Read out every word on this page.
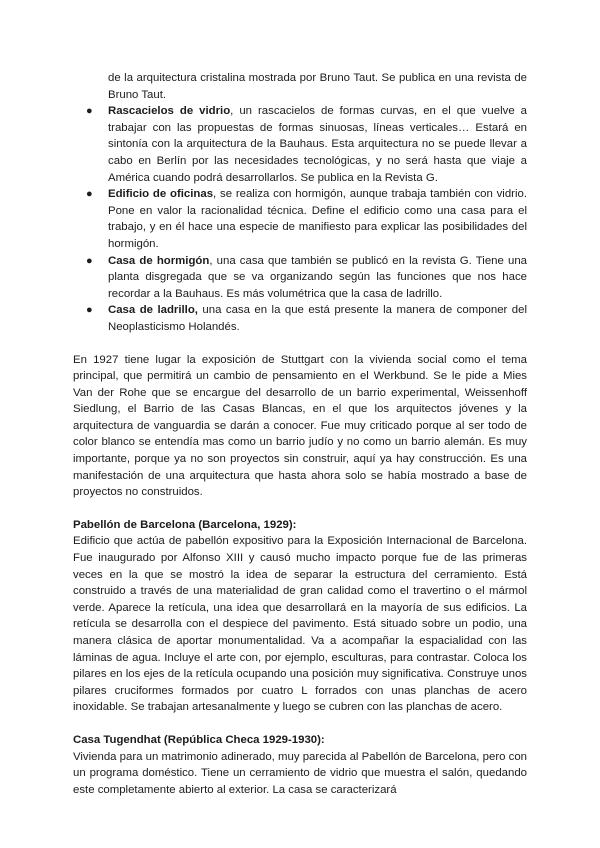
de la arquitectura cristalina mostrada por Bruno Taut. Se publica en una revista de Bruno Taut.
● Rascacielos de vidrio, un rascacielos de formas curvas, en el que vuelve a trabajar con las propuestas de formas sinuosas, líneas verticales… Estará en sintonía con la arquitectura de la Bauhaus. Esta arquitectura no se puede llevar a cabo en Berlín por las necesidades tecnológicas, y no será hasta que viaje a América cuando podrá desarrollarlos. Se publica en la Revista G.
● Edificio de oficinas, se realiza con hormigón, aunque trabaja también con vidrio. Pone en valor la racionalidad técnica. Define el edificio como una casa para el trabajo, y en él hace una especie de manifiesto para explicar las posibilidades del hormigón.
● Casa de hormigón, una casa que también se publicó en la revista G. Tiene una planta disgregada que se va organizando según las funciones que nos hace recordar a la Bauhaus. Es más volumétrica que la casa de ladrillo.
● Casa de ladrillo, una casa en la que está presente la manera de componer del Neoplasticismo Holandés.

En 1927 tiene lugar la exposición de Stuttgart con la vivienda social como el tema principal, que permitirá un cambio de pensamiento en el Werkbund. Se le pide a Mies Van der Rohe que se encargue del desarrollo de un barrio experimental, Weissenhoff Siedlung, el Barrio de las Casas Blancas, en el que los arquitectos jóvenes y la arquitectura de vanguardia se darán a conocer. Fue muy criticado porque al ser todo de color blanco se entendía mas como un barrio judío y no como un barrio alemán. Es muy importante, porque ya no son proyectos sin construir, aquí ya hay construcción. Es una manifestación de una arquitectura que hasta ahora solo se había mostrado a base de proyectos no construidos.

Pabellón de Barcelona (Barcelona, 1929):

Edificio que actúa de pabellón expositivo para la Exposición Internacional de Barcelona. Fue inaugurado por Alfonso XIII y causó mucho impacto porque fue de las primeras veces en la que se mostró la idea de separar la estructura del cerramiento. Está construido a través de una materialidad de gran calidad como el travertino o el mármol verde. Aparece la retícula, una idea que desarrollará en la mayoría de sus edificios. La retícula se desarrolla con el despiece del pavimento. Está situado sobre un podio, una manera clásica de aportar monumentalidad. Va a acompañar la espacialidad con las láminas de agua. Incluye el arte con, por ejemplo, esculturas, para contrastar. Coloca los pilares en los ejes de la retícula ocupando una posición muy significativa. Construye unos pilares cruciformes formados por cuatro L forrados con unas planchas de acero inoxidable. Se trabajan artesanalmente y luego se cubren con las planchas de acero.

Casa Tugendhat (República Checa 1929-1930):

Vivienda para un matrimonio adinerado, muy parecida al Pabellón de Barcelona, pero con un programa doméstico. Tiene un cerramiento de vidrio que muestra el salón, quedando este completamente abierto al exterior. La casa se caracterizará
